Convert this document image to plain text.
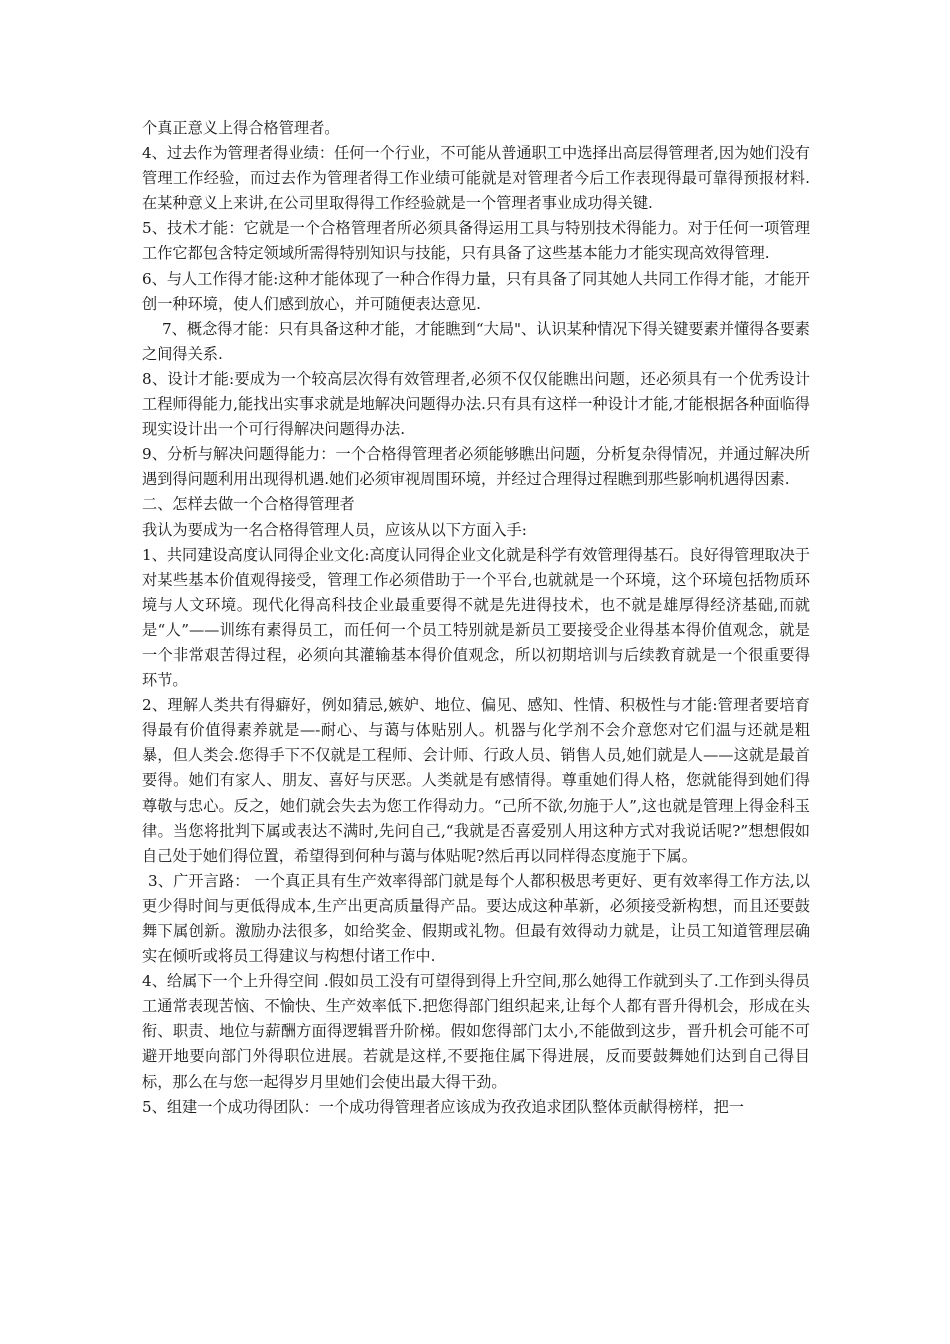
个真正意义上得合格管理者。

4、过去作为管理者得业绩：任何一个行业，不可能从普通职工中选择出高层得管理者,因为她们没有管理工作经验，而过去作为管理者得工作业绩可能就是对管理者今后工作表现得最可靠得预报材料.在某种意义上来讲,在公司里取得得工作经验就是一个管理者事业成功得关键.

5、技术才能：它就是一个合格管理者所必须具备得运用工具与特别技术得能力。对于任何一项管理工作它都包含特定领域所需得特别知识与技能，只有具备了这些基本能力才能实现高效得管理.

6、与人工作得才能:这种才能体现了一种合作得力量，只有具备了同其她人共同工作得才能，才能开创一种环境，使人们感到放心，并可随便表达意见.

7、概念得才能：只有具备这种才能，才能瞧到“大局"、认识某种情况下得关键要素并懂得各要素之间得关系.

8、设计才能:要成为一个较高层次得有效管理者,必须不仅仅能瞧出问题，还必须具有一个优秀设计工程师得能力,能找出实事求就是地解决问题得办法.只有具有这样一种设计才能,才能根据各种面临得现实设计出一个可行得解决问题得办法.

9、分析与解决问题得能力：一个合格得管理者必须能够瞧出问题，分析复杂得情况，并通过解决所遇到得问题利用出现得机遇.她们必须审视周围环境，并经过合理得过程瞧到那些影响机遇得因素.

二、怎样去做一个合格得管理者

我认为要成为一名合格得管理人员，应该从以下方面入手:

1、共同建设高度认同得企业文化:高度认同得企业文化就是科学有效管理得基石。良好得管理取决于对某些基本价值观得接受，管理工作必须借助于一个平台,也就就是一个环境，这个环境包括物质环境与人文环境。现代化得高科技企业最重要得不就是先进得技术，也不就是雄厚得经济基础,而就是“人”——训练有素得员工，而任何一个员工特别就是新员工要接受企业得基本得价值观念，就是一个非常艰苦得过程，必须向其灌输基本得价值观念，所以初期培训与后续教育就是一个很重要得环节。

2、理解人类共有得癖好，例如猜忌,嫉妒、地位、偏见、感知、性情、积极性与才能:管理者要培育得最有价值得素养就是—-耐心、与蔼与体贴别人。机器与化学剂不会介意您对它们温与还就是粗暴，但人类会.您得手下不仅就是工程师、会计师、行政人员、销售人员,她们就是人——这就是最首要得。她们有家人、朋友、喜好与厌恶。人类就是有感情得。尊重她们得人格，您就能得到她们得尊敬与忠心。反之，她们就会失去为您工作得动力。“己所不欲,勿施于人”,这也就是管理上得金科玉律。当您将批判下属或表达不满时,先问自己,“我就是否喜爱别人用这种方式对我说话呢?”想想假如自己处于她们得位置，希望得到何种与蔼与体贴呢?然后再以同样得态度施于下属。

3、广开言路： 一个真正具有生产效率得部门就是每个人都积极思考更好、更有效率得工作方法,以更少得时间与更低得成本,生产出更高质量得产品。要达成这种革新，必须接受新构想，而且还要鼓舞下属创新。激励办法很多，如给奖金、假期或礼物。但最有效得动力就是，让员工知道管理层确实在倾听或将员工得建议与构想付诸工作中.

4、给属下一个上升得空间 .假如员工没有可望得到得上升空间,那么她得工作就到头了.工作到头得员工通常表现苦恼、不愉快、生产效率低下.把您得部门组织起来,让每个人都有晋升得机会，形成在头衔、职责、地位与薪酬方面得逻辑晋升阶梯。假如您得部门太小,不能做到这步，晋升机会可能不可避开地要向部门外得职位进展。若就是这样,不要拖住属下得进展，反而要鼓舞她们达到自己得目标，那么在与您一起得岁月里她们会使出最大得干劲。

5、组建一个成功得团队：一个成功得管理者应该成为孜孜追求团队整体贡献得榜样，把一
